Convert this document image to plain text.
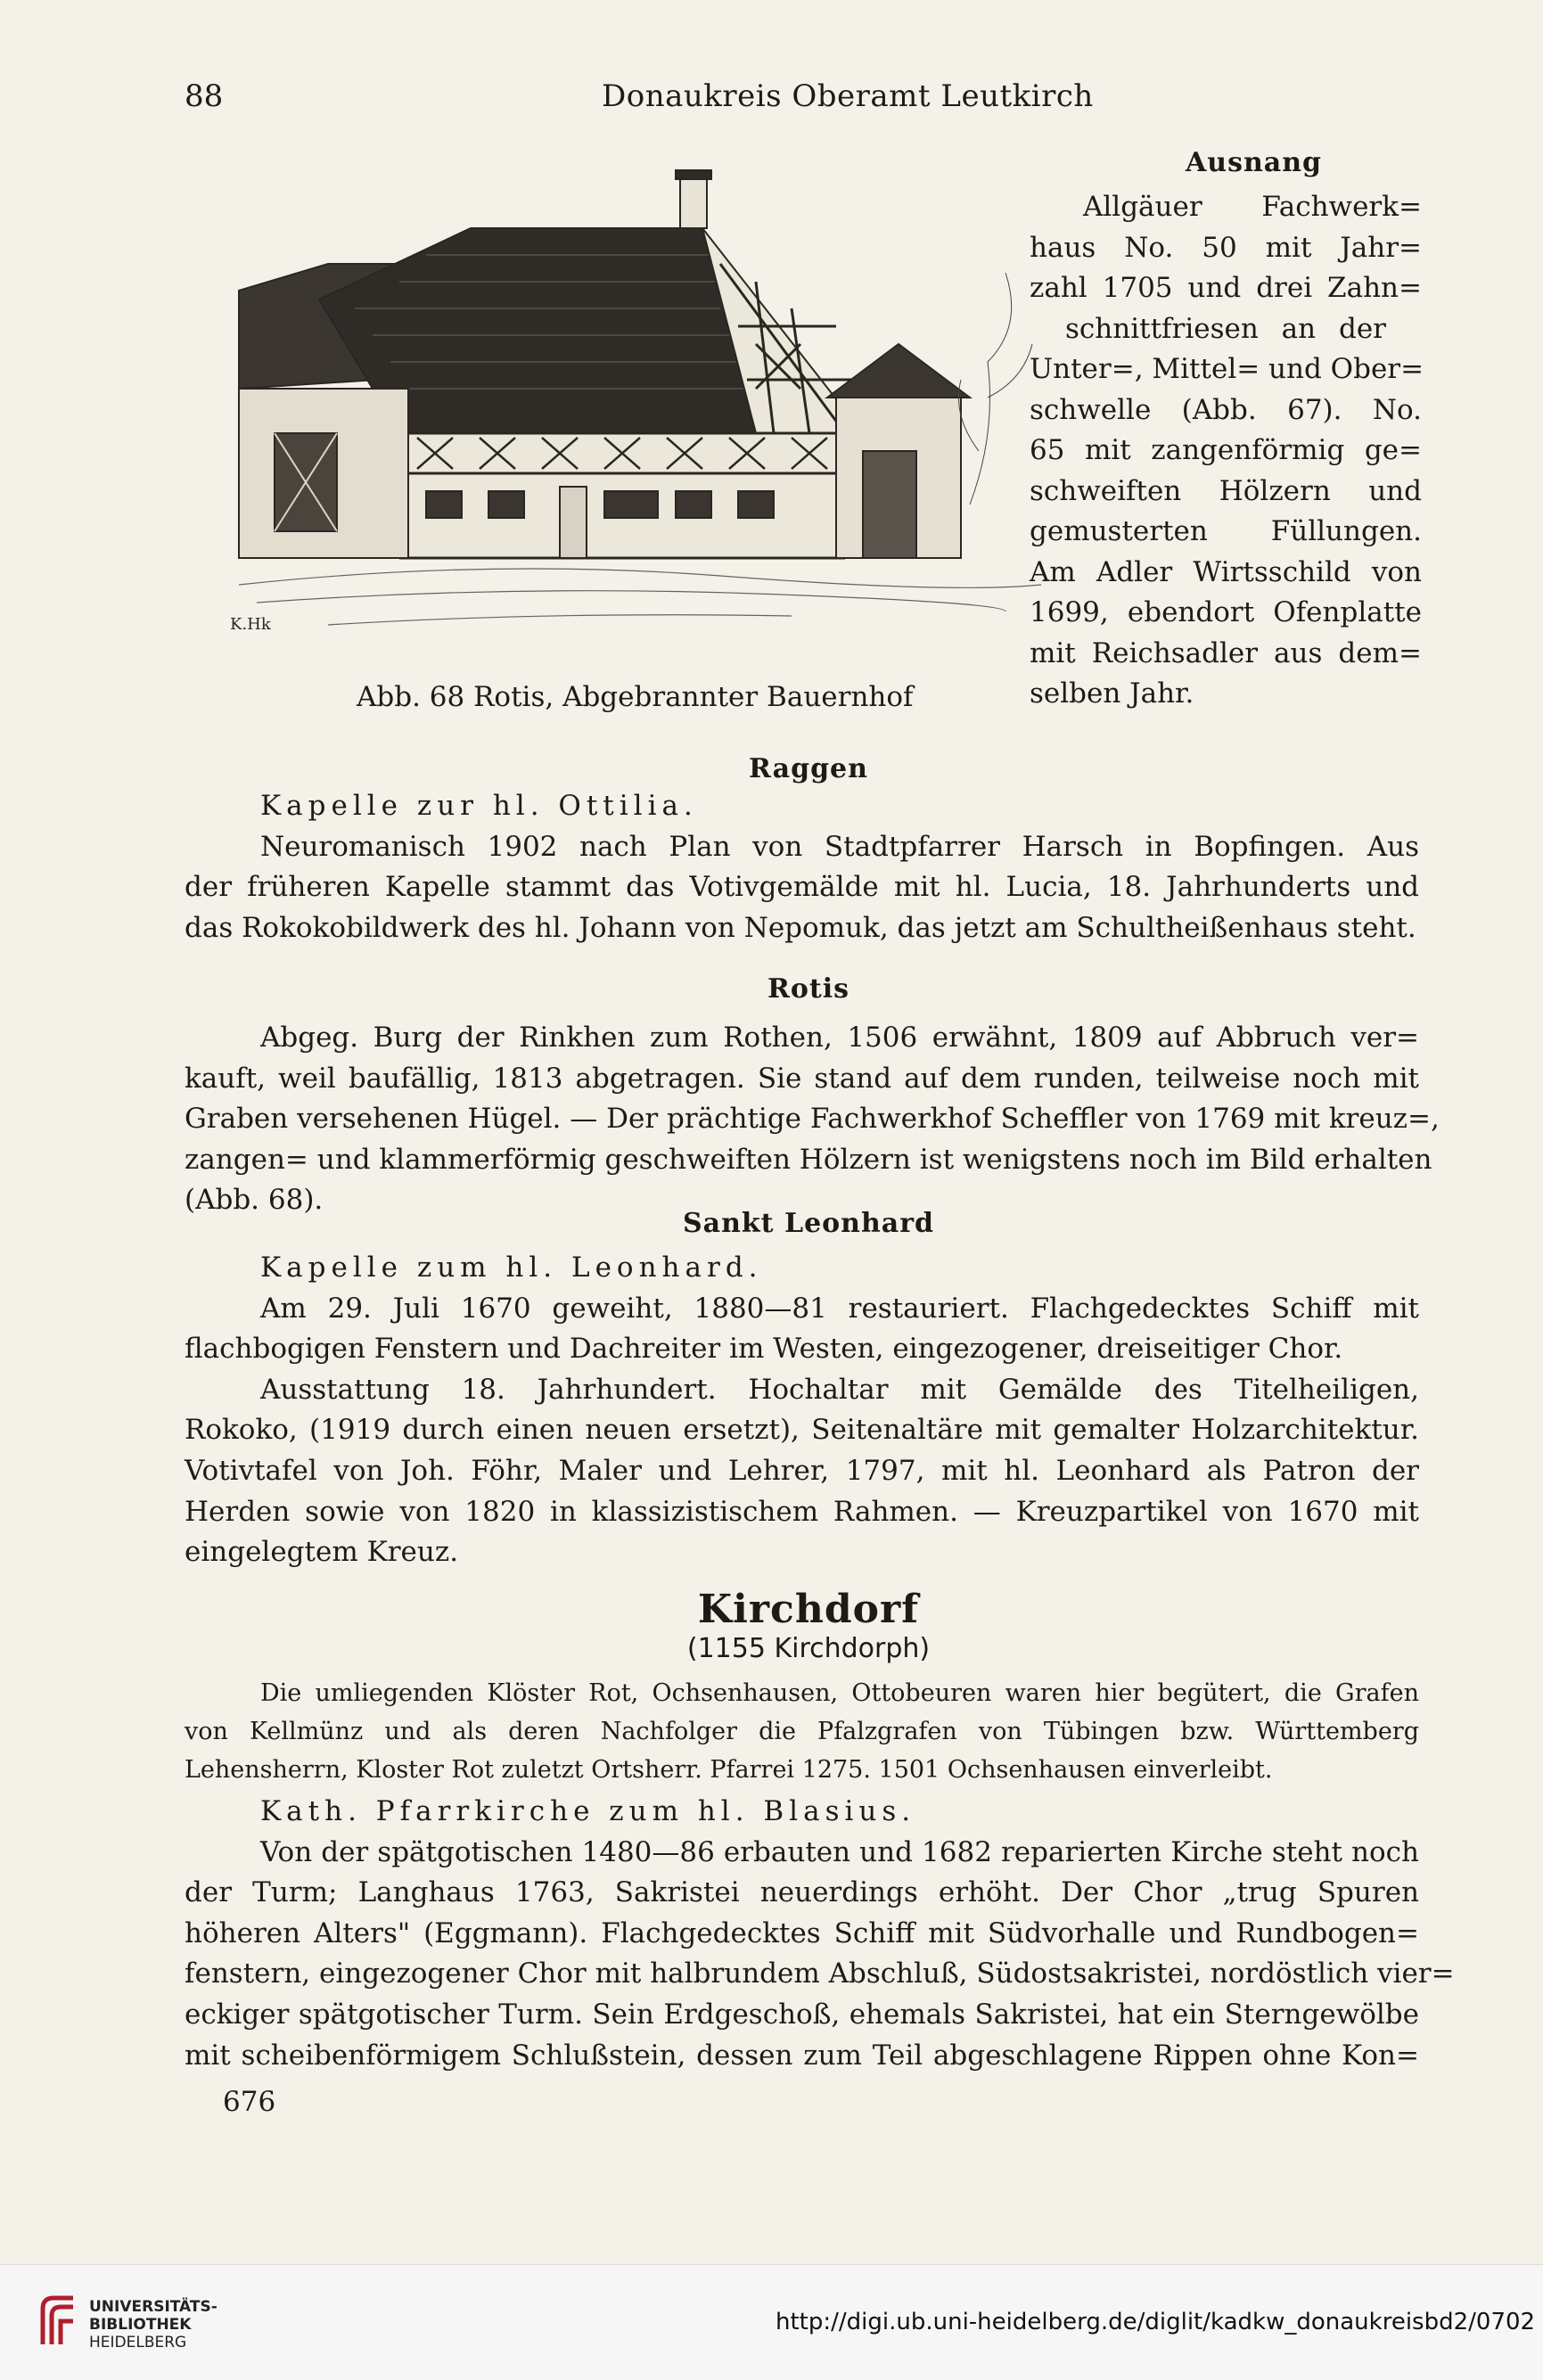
88	Donaukreis Oberamt Leutkirch
K.Hk
Abb. 68 Rotis, Abgebrannter Bauernhof
Ausnang
Allgäuer Fachwerk=
haus No. 50 mit Jahr=
zahl 1705 und drei Zahn=
schnittfriesen an der
Unter=, Mittel= und Ober=
schwelle (Abb. 67). No.
65 mit zangenförmig ge=
schweiften Hölzern und
gemusterten Füllungen.
Am Adler Wirtsschild von
1699, ebendort Ofenplatte
mit Reichsadler aus dem=
selben Jahr.
Raggen
Kapelle zur hl. Ottilia.
Neuromanisch 1902 nach Plan von Stadtpfarrer Harsch in Bopfingen. Aus
der früheren Kapelle stammt das Votivgemälde mit hl. Lucia, 18. Jahrhunderts und
das Rokokobildwerk des hl. Johann von Nepomuk, das jetzt am Schultheißenhaus steht.
Rotis
Abgeg. Burg der Rinkhen zum Rothen, 1506 erwähnt, 1809 auf Abbruch ver=
kauft, weil baufällig, 1813 abgetragen. Sie stand auf dem runden, teilweise noch mit
Graben versehenen Hügel. — Der prächtige Fachwerkhof Scheffler von 1769 mit kreuz=,
zangen= und klammerförmig geschweiften Hölzern ist wenigstens noch im Bild erhalten
(Abb. 68).
Sankt Leonhard
Kapelle zum hl. Leonhard.
Am 29. Juli 1670 geweiht, 1880—81 restauriert. Flachgedecktes Schiff mit
flachbogigen Fenstern und Dachreiter im Westen, eingezogener, dreiseitiger Chor.
Ausstattung 18. Jahrhundert. Hochaltar mit Gemälde des Titelheiligen,
Rokoko, (1919 durch einen neuen ersetzt), Seitenaltäre mit gemalter Holzarchitektur.
Votivtafel von Joh. Föhr, Maler und Lehrer, 1797, mit hl. Leonhard als Patron der
Herden sowie von 1820 in klassizistischem Rahmen. — Kreuzpartikel von 1670 mit
eingelegtem Kreuz.
Kirchdorf
(1155 Kirchdorph)
Die umliegenden Klöster Rot, Ochsenhausen, Ottobeuren waren hier begütert, die Grafen
von Kellmünz und als deren Nachfolger die Pfalzgrafen von Tübingen bzw. Württemberg
Lehensherrn, Kloster Rot zuletzt Ortsherr. Pfarrei 1275. 1501 Ochsenhausen einverleibt.
Kath. Pfarrkirche zum hl. Blasius.
Von der spätgotischen 1480—86 erbauten und 1682 reparierten Kirche steht noch
der Turm; Langhaus 1763, Sakristei neuerdings erhöht. Der Chor „trug Spuren
höheren Alters" (Eggmann). Flachgedecktes Schiff mit Südvorhalle und Rundbogen=
fenstern, eingezogener Chor mit halbrundem Abschluß, Südostsakristei, nordöstlich vier=
eckiger spätgotischer Turm. Sein Erdgeschoß, ehemals Sakristei, hat ein Sterngewölbe
mit scheibenförmigem Schlußstein, dessen zum Teil abgeschlagene Rippen ohne Kon=
676
UNIVERSITÄTS-
BIBLIOTHEK
HEIDELBERG
http://digi.ub.uni-heidelberg.de/diglit/kadkw_donaukreisbd2/0702
